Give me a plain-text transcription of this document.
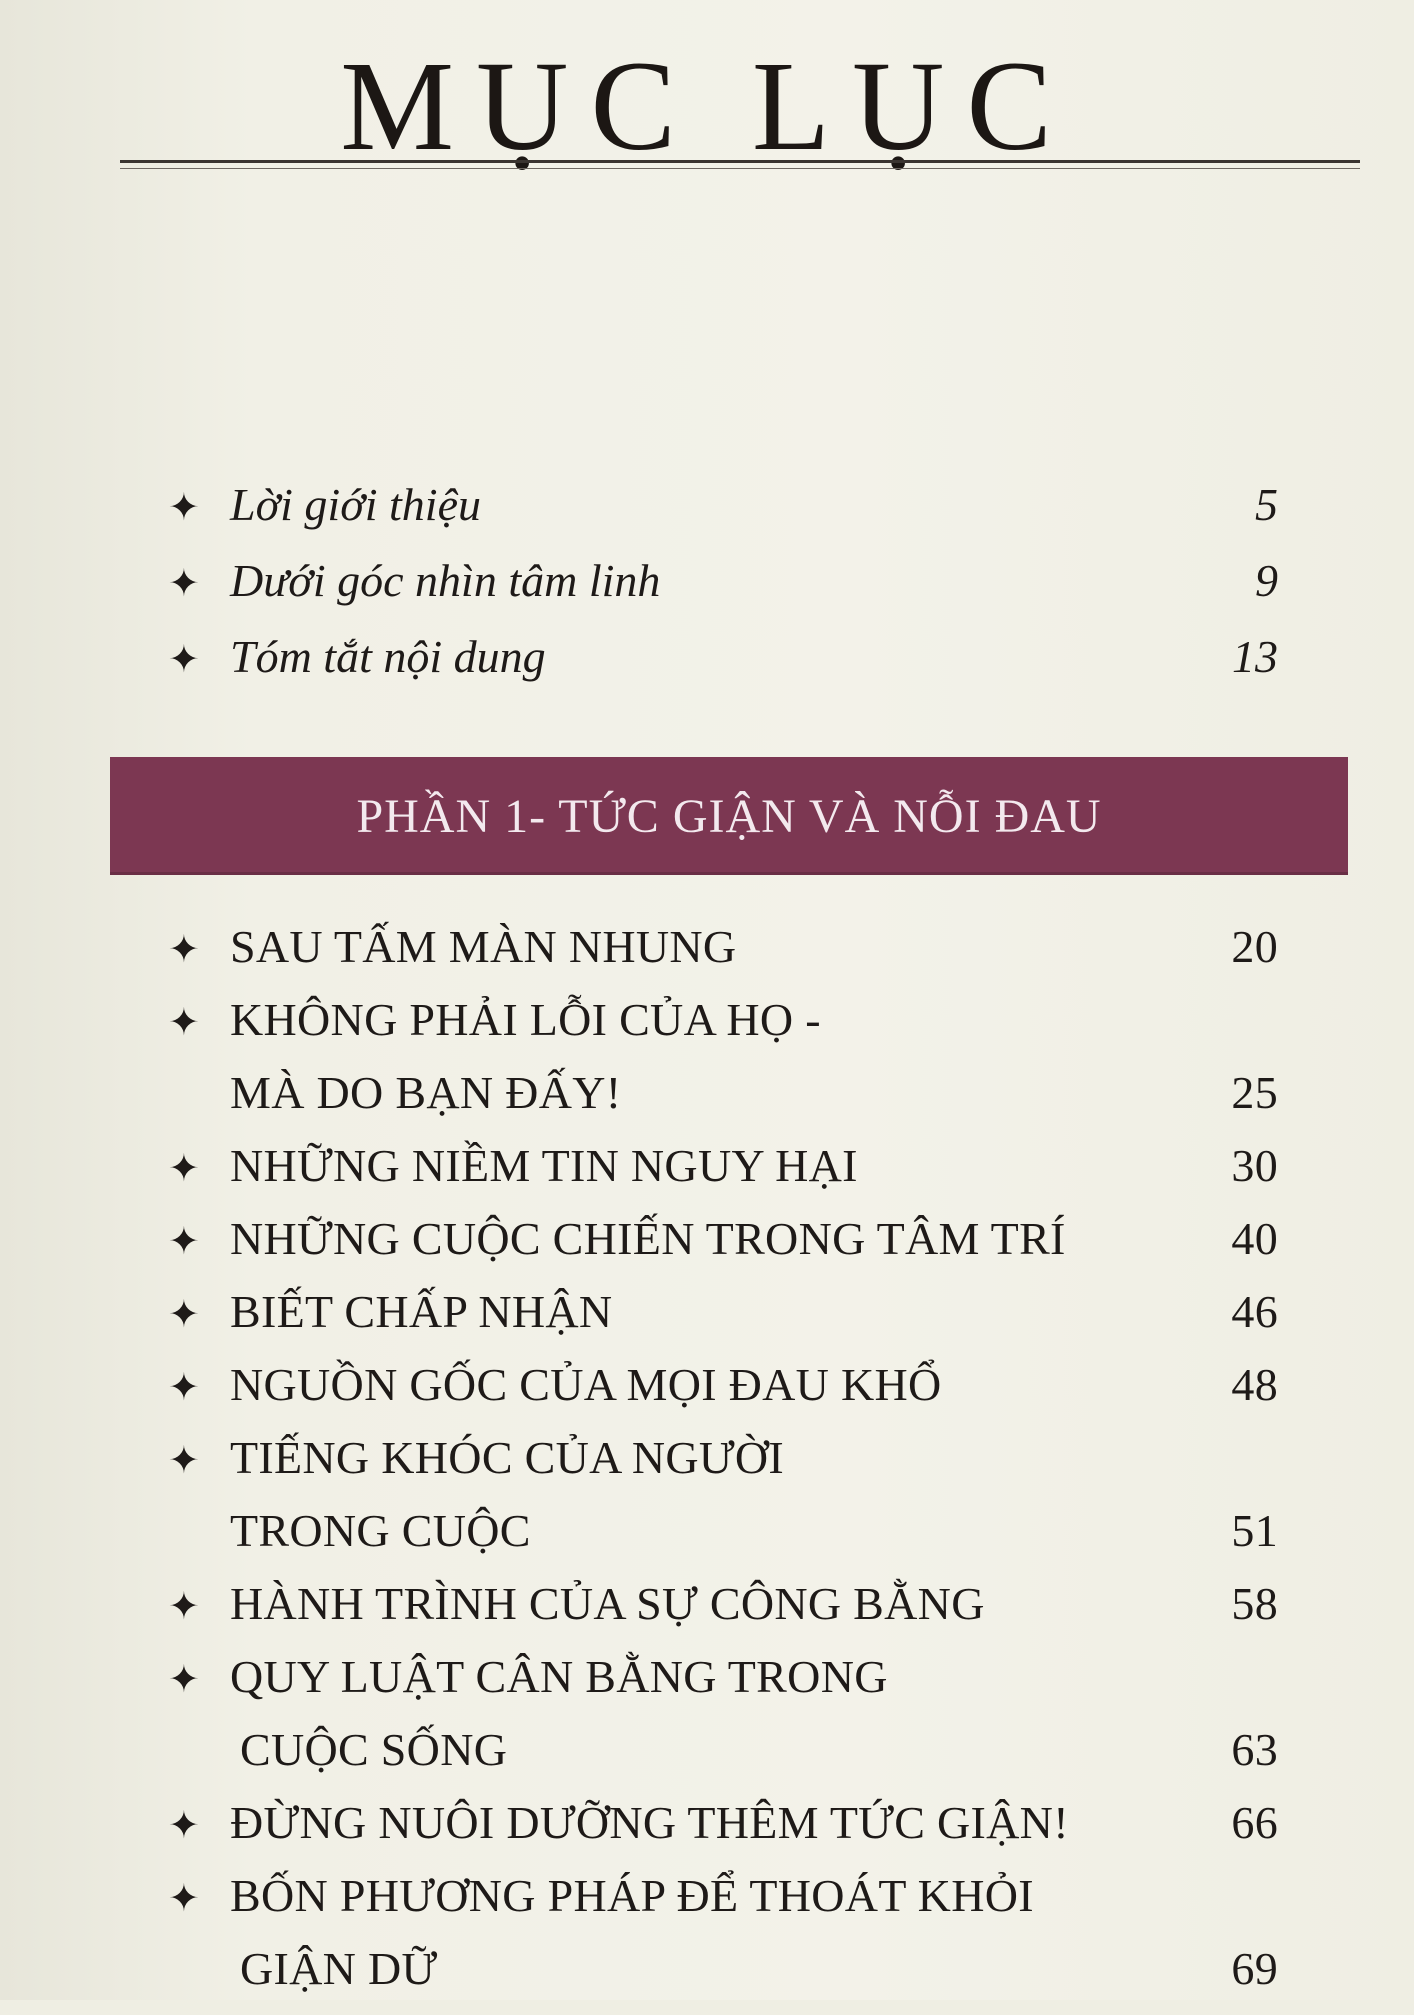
MỤC LỤC
✦ Lời giới thiệu	5
✦ Dưới góc nhìn tâm linh	9
✦ Tóm tắt nội dung	13
PHẦN 1- TỨC GIẬN VÀ NỖI ĐAU
✦ SAU TẤM MÀN NHUNG	20
✦ KHÔNG PHẢI LỖI CỦA HỌ -
MÀ DO BẠN ĐẤY!	25
✦ NHỮNG NIỀM TIN NGUY HẠI	30
✦ NHỮNG CUỘC CHIẾN TRONG TÂM TRÍ	40
✦ BIẾT CHẤP NHẬN	46
✦ NGUỒN GỐC CỦA MỌI ĐAU KHỔ	48
✦ TIẾNG KHÓC CỦA NGƯỜI
TRONG CUỘC	51
✦ HÀNH TRÌNH CỦA SỰ CÔNG BẰNG	58
✦ QUY LUẬT CÂN BẰNG TRONG
CUỘC SỐNG	63
✦ ĐỪNG NUÔI DƯỠNG THÊM TỨC GIẬN!	66
✦ BỐN PHƯƠNG PHÁP ĐỂ THOÁT KHỎI
GIẬN DỮ	69
